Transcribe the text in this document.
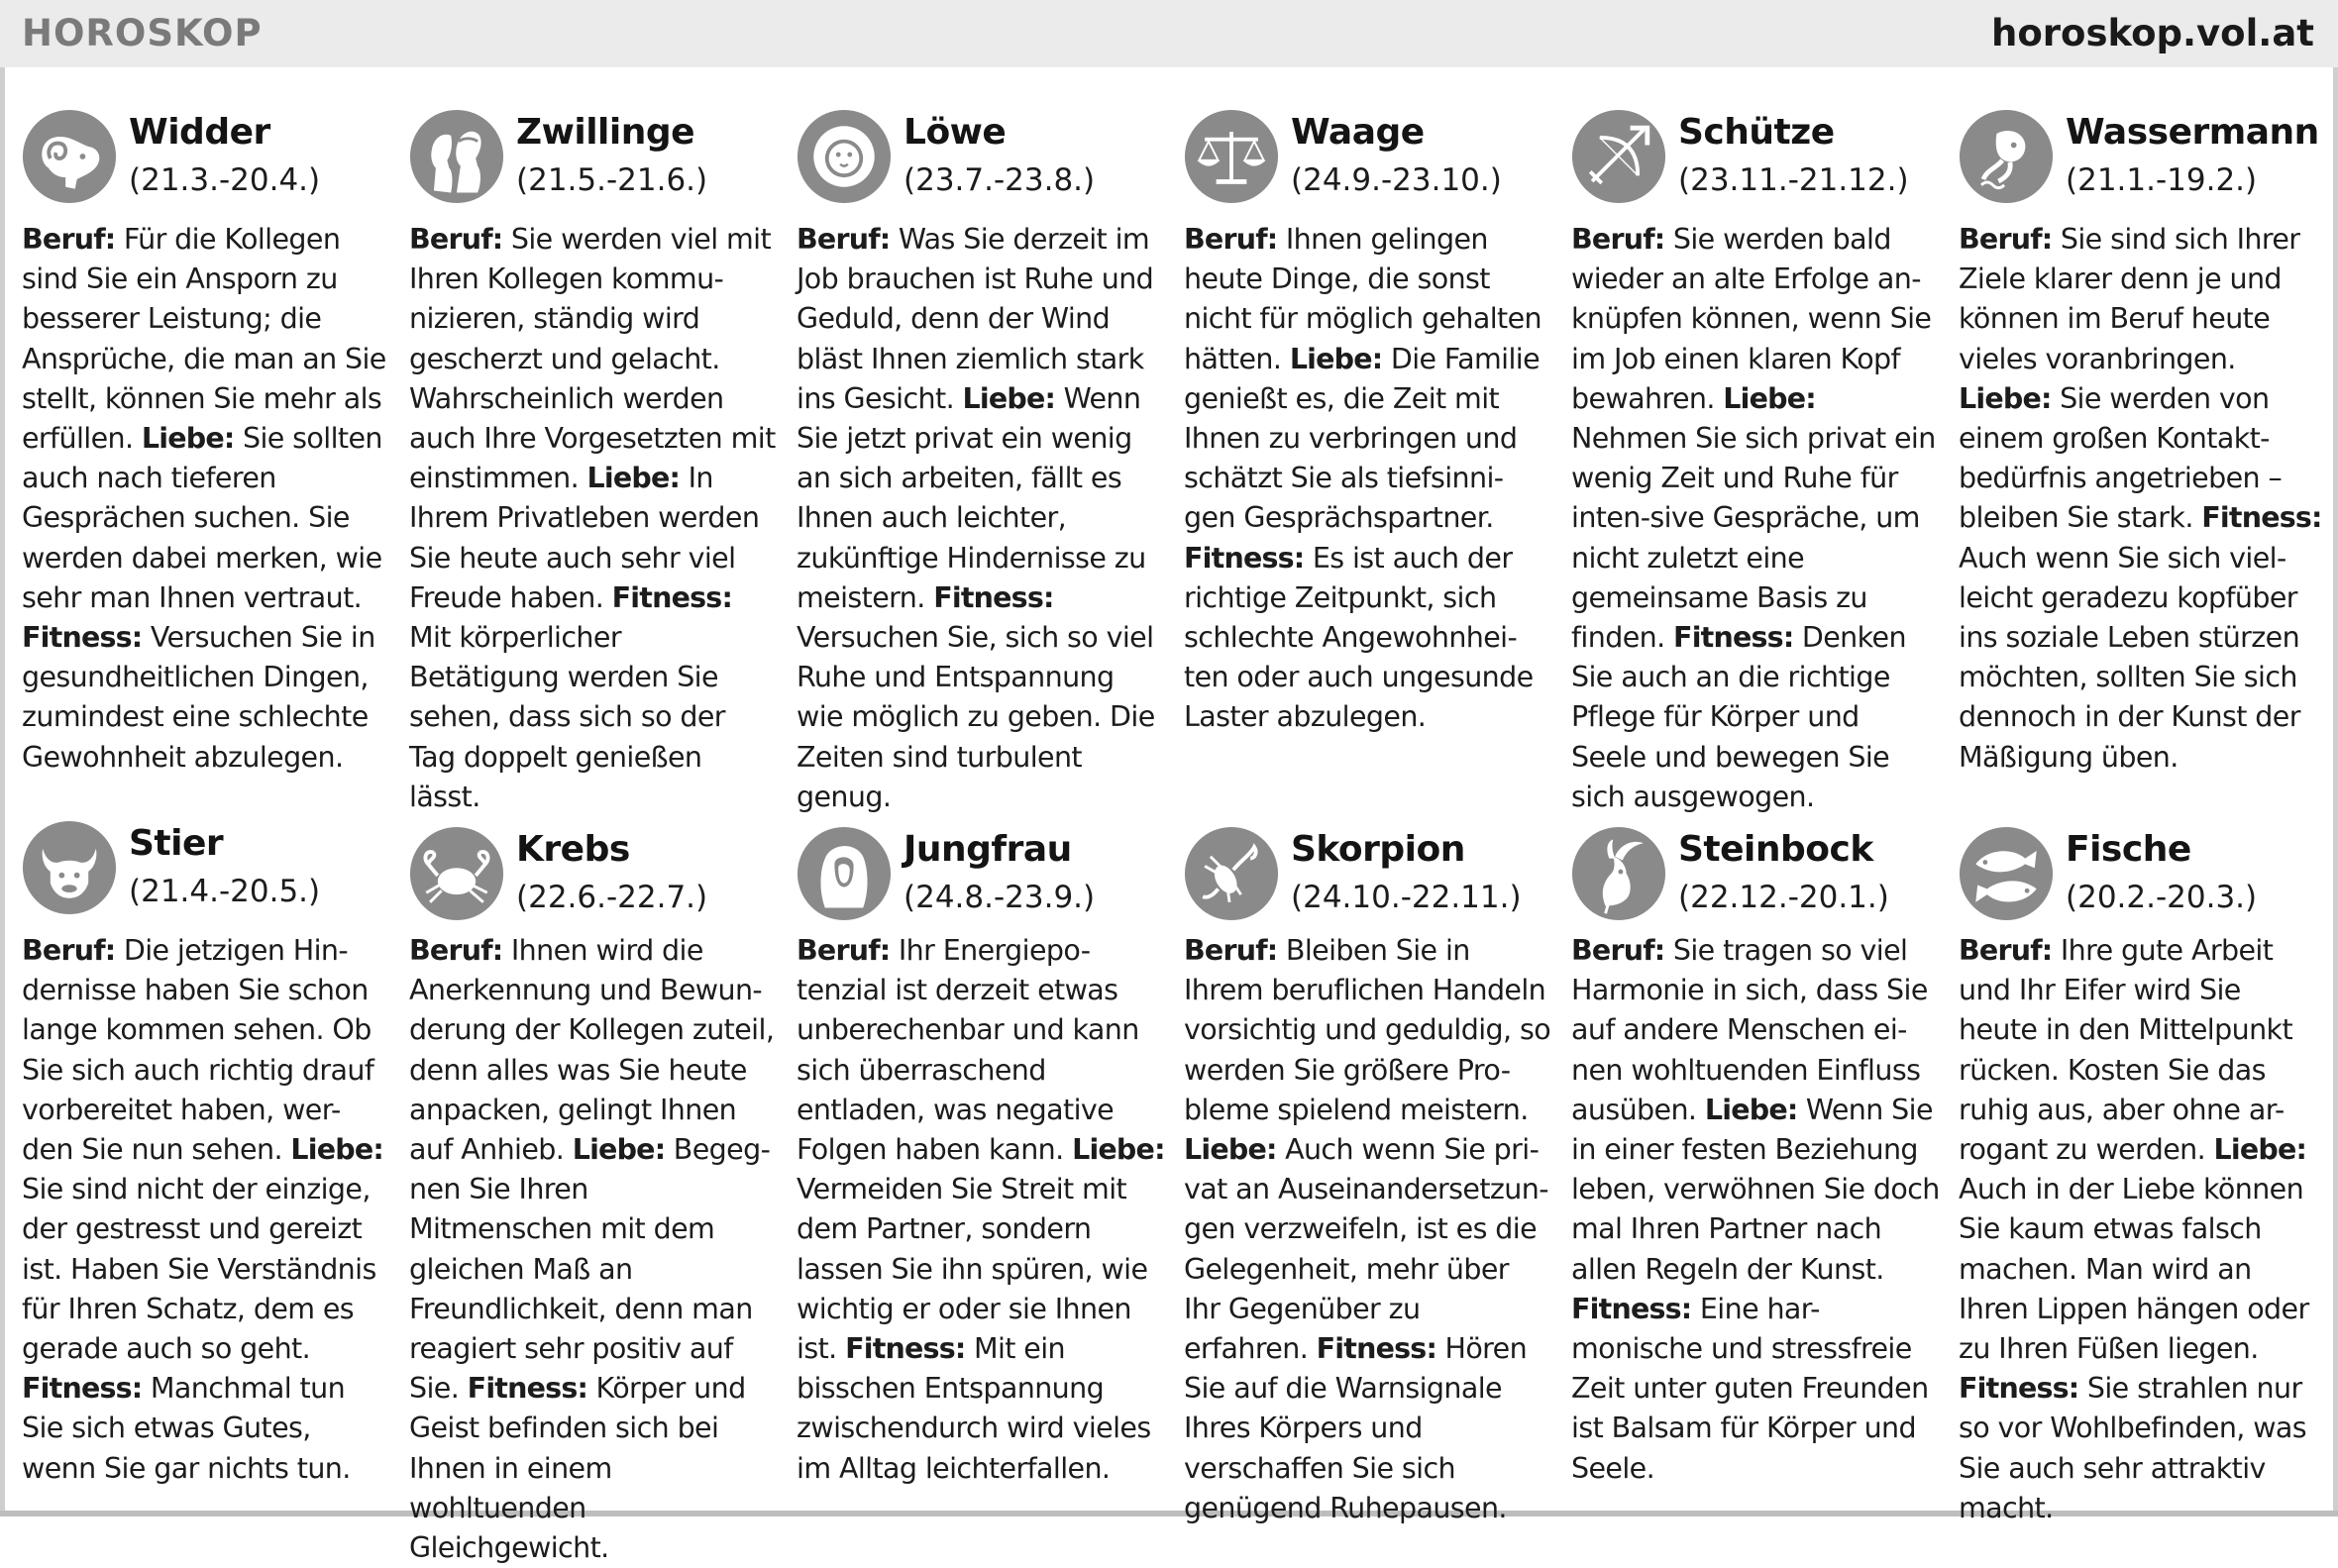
HOROSKOP	horoskop.vol.at
Widder
(21.3.-20.4.)

Beruf: Für die Kollegen sind Sie ein Ansporn zu besserer Leistung; die Ansprüche, die man an Sie stellt, können Sie mehr als erfüllen. Liebe: Sie sollten auch nach tieferen Gesprächen suchen. Sie werden dabei merken, wie sehr man Ihnen vertraut. Fitness: Versuchen Sie in gesundheitlichen Dingen, zumindest eine schlechte Gewohnheit abzulegen.

Zwillinge
(21.5.-21.6.)

Beruf: Sie werden viel mit Ihren Kollegen kommu-nizieren, ständig wird gescherzt und gelacht. Wahrscheinlich werden auch Ihre Vorgesetzten mit einstimmen. Liebe: In Ihrem Privatleben werden Sie heute auch sehr viel Freude haben. Fitness: Mit körperlicher Betätigung werden Sie sehen, dass sich so der Tag doppelt genießen lässt.

Löwe
(23.7.-23.8.)

Beruf: Was Sie derzeit im Job brauchen ist Ruhe und Geduld, denn der Wind bläst Ihnen ziemlich stark ins Gesicht. Liebe: Wenn Sie jetzt privat ein wenig an sich arbeiten, fällt es Ihnen auch leichter, zukünftige Hindernisse zu meistern. Fitness: Versuchen Sie, sich so viel Ruhe und Entspannung wie möglich zu geben. Die Zeiten sind turbulent genug.

Waage
(24.9.-23.10.)

Beruf: Ihnen gelingen heute Dinge, die sonst nicht für möglich gehalten hätten. Liebe: Die Familie genießt es, die Zeit mit Ihnen zu verbringen und schätzt Sie als tiefsinni-gen Gesprächspartner. Fitness: Es ist auch der richtige Zeitpunkt, sich schlechte Angewohnhei-ten oder auch ungesunde Laster abzulegen.

Schütze
(23.11.-21.12.)

Beruf: Sie werden bald wieder an alte Erfolge an-knüpfen können, wenn Sie im Job einen klaren Kopf bewahren. Liebe: Nehmen Sie sich privat ein wenig Zeit und Ruhe für inten-sive Gespräche, um nicht zuletzt eine gemeinsame Basis zu finden. Fitness: Denken Sie auch an die richtige Pflege für Körper und Seele und bewegen Sie sich ausgewogen.

Wassermann
(21.1.-19.2.)

Beruf: Sie sind sich Ihrer Ziele klarer denn je und können im Beruf heute vieles voranbringen. Liebe: Sie werden von einem großen Kontakt-bedürfnis angetrieben – bleiben Sie stark. Fitness: Auch wenn Sie sich viel-leicht geradezu kopfüber ins soziale Leben stürzen möchten, sollten Sie sich dennoch in der Kunst der Mäßigung üben.

Stier
(21.4.-20.5.)

Beruf: Die jetzigen Hin-dernisse haben Sie schon lange kommen sehen. Ob Sie sich auch richtig drauf vorbereitet haben, wer-den Sie nun sehen. Liebe: Sie sind nicht der einzige, der gestresst und gereizt ist. Haben Sie Verständnis für Ihren Schatz, dem es gerade auch so geht. Fitness: Manchmal tun Sie sich etwas Gutes, wenn Sie gar nichts tun.

Krebs
(22.6.-22.7.)

Beruf: Ihnen wird die Anerkennung und Bewun-derung der Kollegen zuteil, denn alles was Sie heute anpacken, gelingt Ihnen auf Anhieb. Liebe: Begeg-nen Sie Ihren Mitmenschen mit dem gleichen Maß an Freundlichkeit, denn man reagiert sehr positiv auf Sie. Fitness: Körper und Geist befinden sich bei Ihnen in einem wohltuenden Gleichgewicht.

Jungfrau
(24.8.-23.9.)

Beruf: Ihr Energiepo-tenzial ist derzeit etwas unberechenbar und kann sich überraschend entladen, was negative Folgen haben kann. Liebe: Vermeiden Sie Streit mit dem Partner, sondern lassen Sie ihn spüren, wie wichtig er oder sie Ihnen ist. Fitness: Mit ein bisschen Entspannung zwischendurch wird vieles im Alltag leichterfallen.

Skorpion
(24.10.-22.11.)

Beruf: Bleiben Sie in Ihrem beruflichen Handeln vorsichtig und geduldig, so werden Sie größere Pro-bleme spielend meistern. Liebe: Auch wenn Sie pri-vat an Auseinandersetzun-gen verzweifeln, ist es die Gelegenheit, mehr über Ihr Gegenüber zu erfahren. Fitness: Hören Sie auf die Warnsignale Ihres Körpers und verschaffen Sie sich genügend Ruhepausen.

Steinbock
(22.12.-20.1.)

Beruf: Sie tragen so viel Harmonie in sich, dass Sie auf andere Menschen ei-nen wohltuenden Einfluss ausüben. Liebe: Wenn Sie in einer festen Beziehung leben, verwöhnen Sie doch mal Ihren Partner nach allen Regeln der Kunst. Fitness: Eine har-monische und stressfreie Zeit unter guten Freunden ist Balsam für Körper und Seele.

Fische
(20.2.-20.3.)

Beruf: Ihre gute Arbeit und Ihr Eifer wird Sie heute in den Mittelpunkt rücken. Kosten Sie das ruhig aus, aber ohne ar-rogant zu werden. Liebe: Auch in der Liebe können Sie kaum etwas falsch machen. Man wird an Ihren Lippen hängen oder zu Ihren Füßen liegen. Fitness: Sie strahlen nur so vor Wohlbefinden, was Sie auch sehr attraktiv macht.
